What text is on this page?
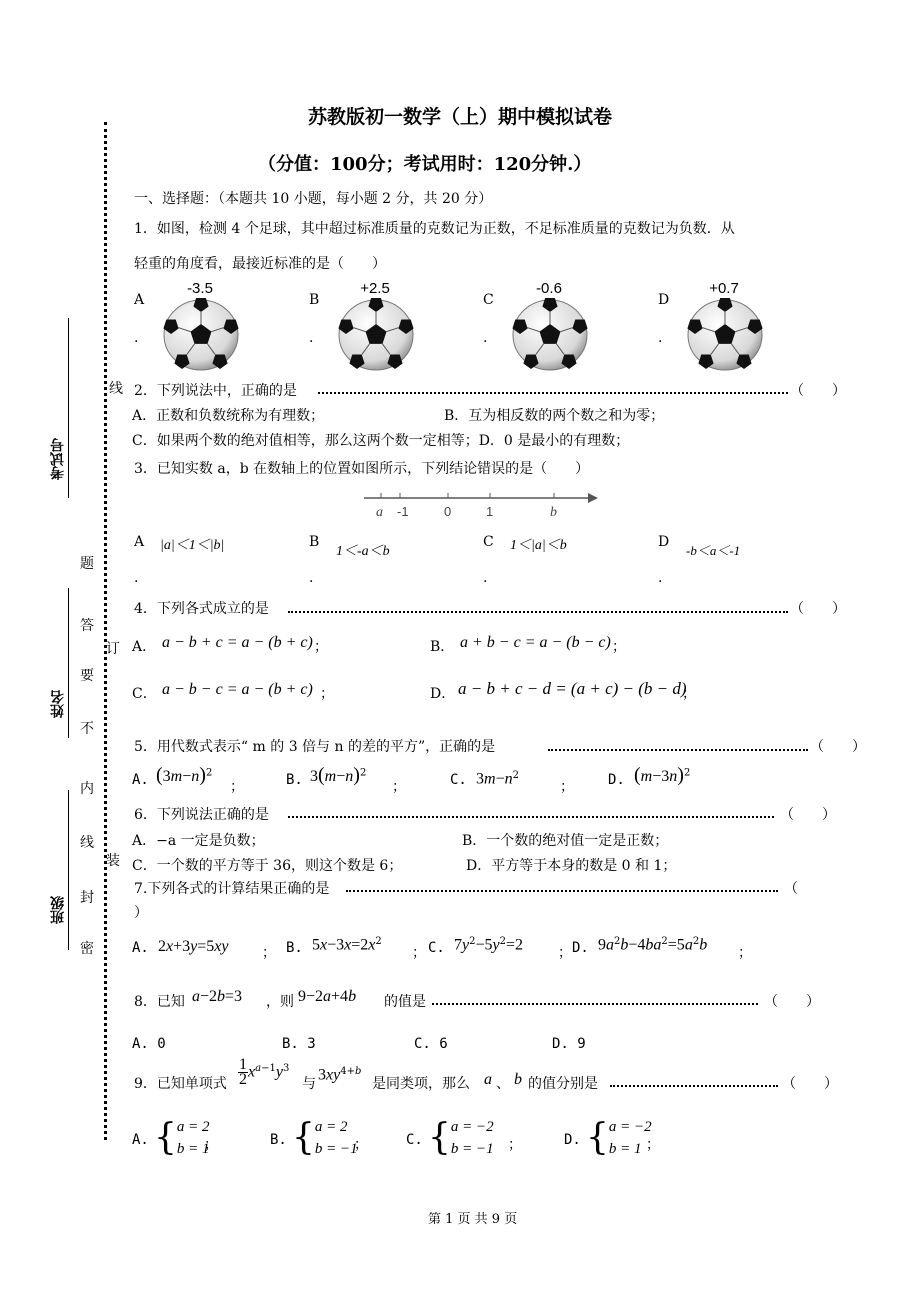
考试号
姓名
班级
线
订
装
题
答
要
不
内
线
封
密
苏教版初一数学（上）期中模拟试卷
（分值：100分；考试用时：120分钟.）
一、选择题：（本题共 10 小题，每小题 2 分，共 20 分）
1．如图，检测 4 个足球，其中超过标准质量的克数记为正数，不足标准质量的克数记为负数．从
轻重的角度看，最接近标准的是（　　）
A
.
-3.5
B
.
+2.5
C
.
-0.6
D
.
+0.7
2．下列说法中，正确的是	（　　）
A．正数和负数统称为有理数；	B．互为相反数的两个数之和为零；
C．如果两个数的绝对值相等，那么这两个数一定相等；D．0 是最小的有理数；
3．已知实数 a，b 在数轴上的位置如图所示，下列结论错误的是（　　）
a -1	0	1	b
A
.
|a|＜1＜|b|	B
.
1＜-a＜b
C
.
1＜|a|＜b	D
.
-b＜a＜-1
4．下列各式成立的是	（　　）
A． a − b + c = a − (b + c) ；	B． a + b − c = a − (b − c) ；
C． a − b − c = a − (b + c) ；	D． a − b + c − d = (a + c) − (b − d)
；
5．用代数式表示“ m 的 3 倍与 n 的差的平方”，正确的是	（　　）
A. $(3m-n)^2$
；	B. $3(m-n)^2$
；	C. $3m-n^2$
； D. $(m-3n)^2$
6．下列说法正确的是	（　　）
A．−a 一定是负数；	B．一个数的绝对值一定是正数；
C．一个数的平方等于 36，则这个数是 6；	D．平方等于本身的数是 0 和 1；
7.下列各式的计算结果正确的是	（
）
A. 2x+3y=5xy ； B. $5x-3x=2x^2$
； C. $7y^2-5y^2=2$ ； D. $9a^2b-4ba^2=5a^2b$ ；
8．已知 a−2b=3 ，则 9−2a+4b 的值是	（　　）
A. 0	B. 3	C. 6	D. 9
9．已知单项式 $\frac{1}{2} x^{a-1}y^3$
与
$3xy^{4+b}$
是同类项，那么 a 、 b 的值分别是	（　　）
A. {a = 2
b = 1
；	B. {a = 2
b = −1
；	C. {a = −2
b = −1 ；	D. {a = −2
b = 1 ；
第 1 页 共 9 页
